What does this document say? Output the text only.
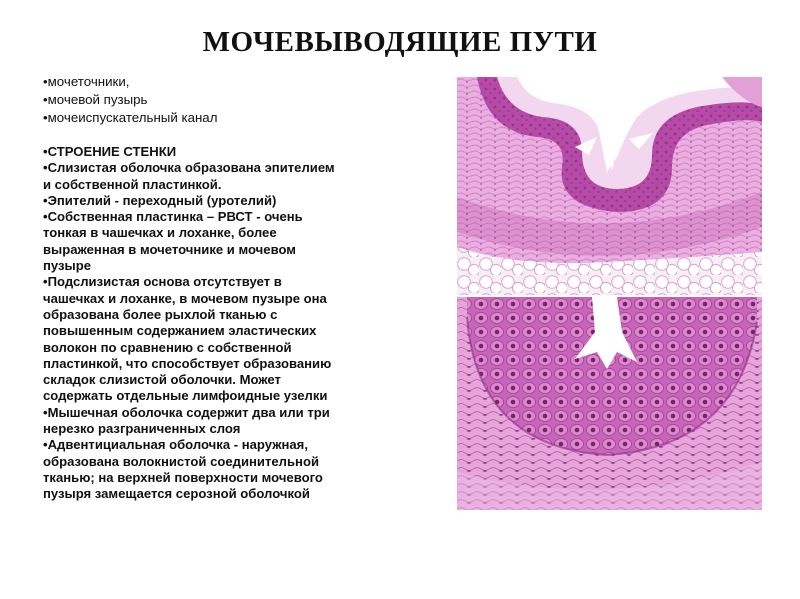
МОЧЕВЫВОДЯЩИЕ ПУТИ
•мочеточники,
•мочевой пузырь
•мочеиспускательный канал
•СТРОЕНИЕ СТЕНКИ
•Слизистая оболочка образована эпителием
и собственной пластинкой.
•Эпителий - переходный (уротелий)
•Собственная пластинка – РВСТ - очень
тонкая в чашечках и лоханке, более
выраженная в мочеточнике и мочевом
пузыре
•Подслизистая основа отсутствует в
чашечках и лоханке, в мочевом пузыре она
образована более рыхлой тканью с
повышенным содержанием эластических
волокон по сравнению с собственной
пластинкой, что способствует образованию
складок слизистой оболочки. Может
содержать отдельные лимфоидные узелки
•Мышечная оболочка содержит два или три
нерезко разграниченных слоя
•Адвентициальная оболочка - наружная,
образована волокнистой соединительной
тканью; на верхней поверхности мочевого
пузыря замещается серозной оболочкой
